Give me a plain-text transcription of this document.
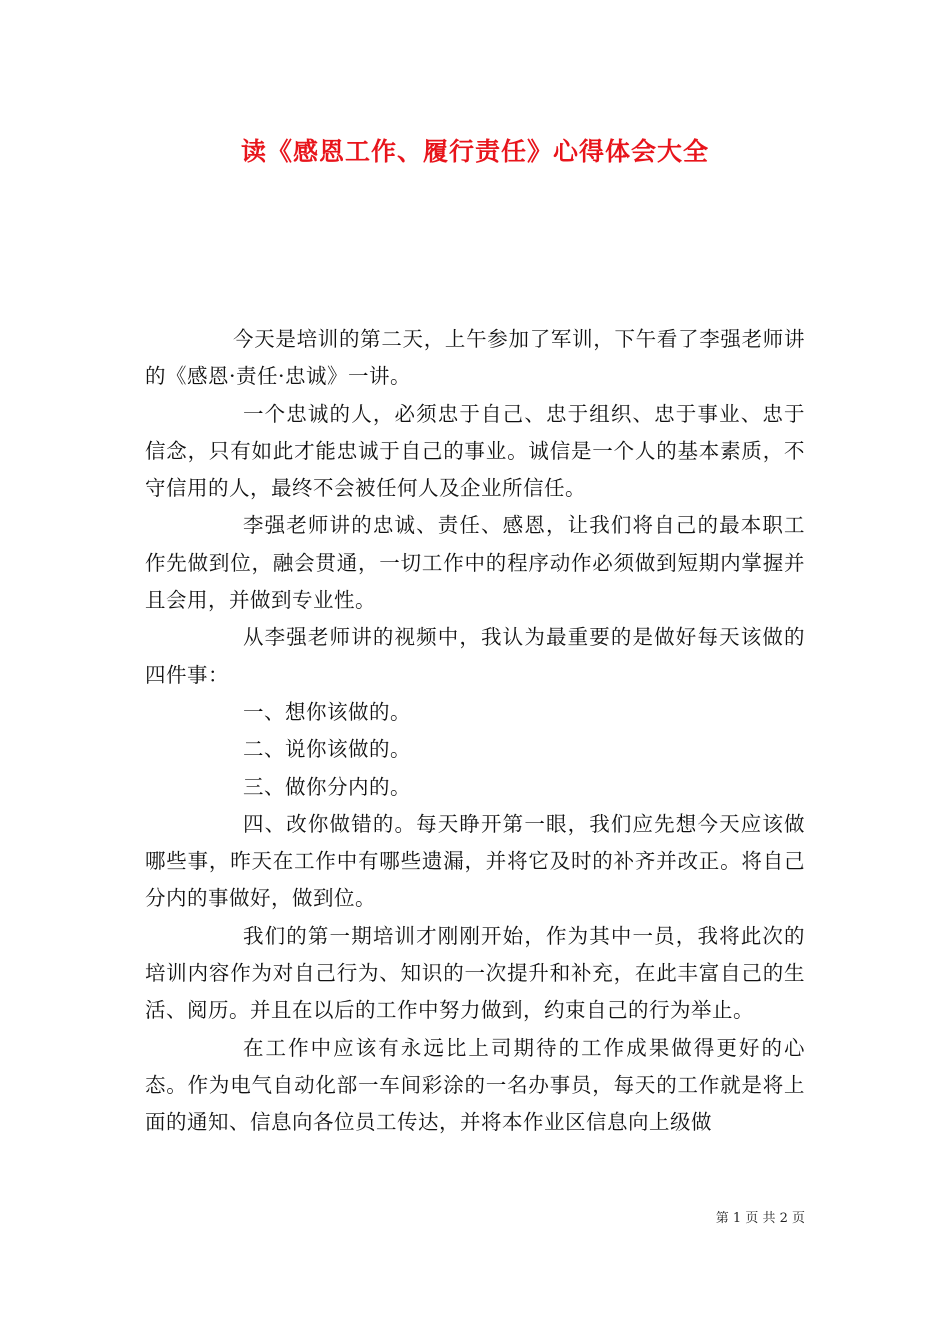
读《感恩工作、履行责任》心得体会大全

今天是培训的第二天，上午参加了军训，下午看了李强老师讲的《感恩·责任·忠诚》一讲。

一个忠诚的人，必须忠于自己、忠于组织、忠于事业、忠于信念，只有如此才能忠诚于自己的事业。诚信是一个人的基本素质，不守信用的人，最终不会被任何人及企业所信任。

李强老师讲的忠诚、责任、感恩，让我们将自己的最本职工作先做到位，融会贯通，一切工作中的程序动作必须做到短期内掌握并且会用，并做到专业性。

从李强老师讲的视频中，我认为最重要的是做好每天该做的四件事：

一、想你该做的。

二、说你该做的。

三、做你分内的。

四、改你做错的。每天睁开第一眼，我们应先想今天应该做哪些事，昨天在工作中有哪些遗漏，并将它及时的补齐并改正。将自己分内的事做好，做到位。

我们的第一期培训才刚刚开始，作为其中一员，我将此次的培训内容作为对自己行为、知识的一次提升和补充，在此丰富自己的生活、阅历。并且在以后的工作中努力做到，约束自己的行为举止。

在工作中应该有永远比上司期待的工作成果做得更好的心态。作为电气自动化部一车间彩涂的一名办事员，每天的工作就是将上面的通知、信息向各位员工传达，并将本作业区信息向上级做

第 1 页 共 2 页
